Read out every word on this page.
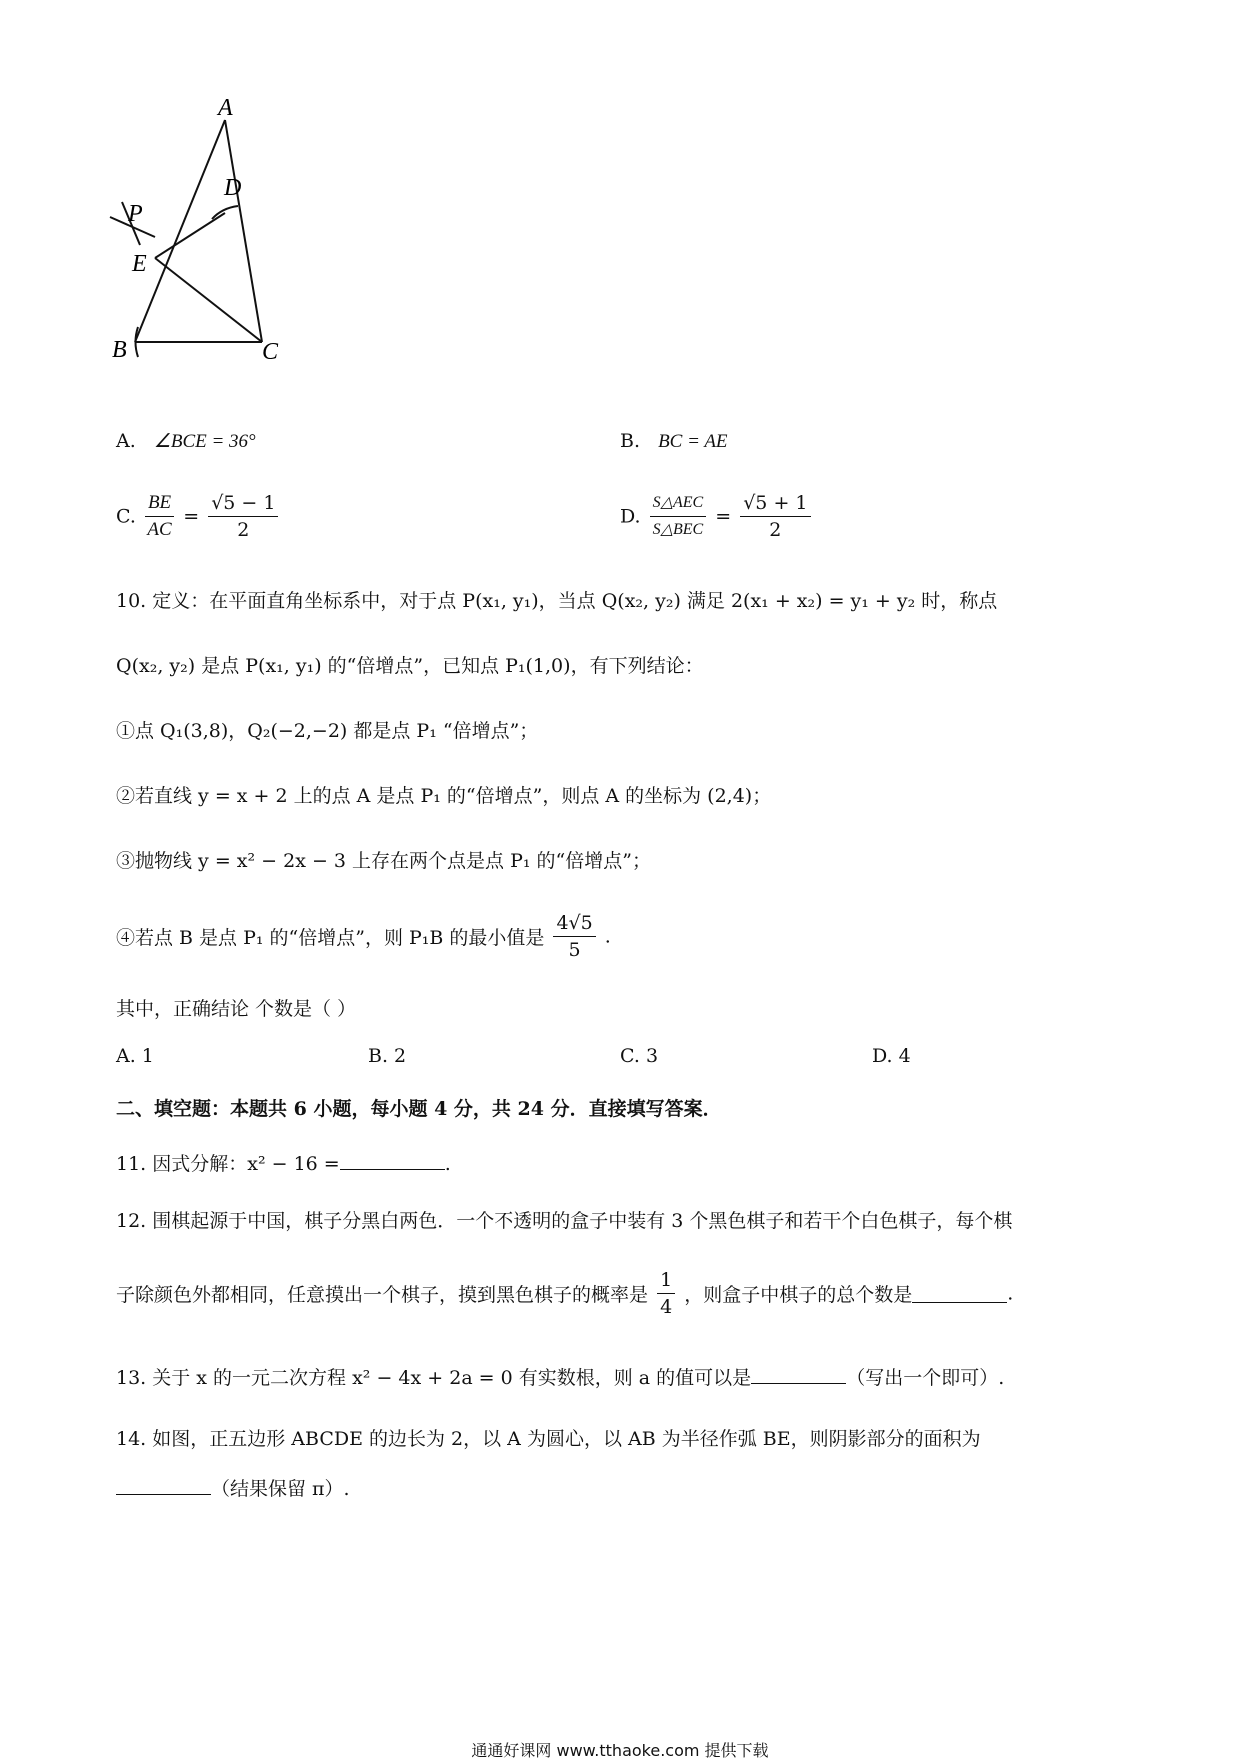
A
D
P
E
B	C
A. ∠BCE = 36°	B. BC = AE
C. $\frac{BE}{AC} = \frac{√5 - 1}{2}$	D. $\frac{\text{S△AEC}}{\text{S△BEC}} = \frac{√5 + 1}{2}$
10. 定义：在平面直角坐标系中，对于点 P(x₁, y₁)，当点 Q(x₂, y₂) 满足 2(x₁ + x₂) = y₁ + y₂ 时，称点
Q(x₂, y₂) 是点 P(x₁, y₁) 的“倍增点”，已知点 P₁(1,0)，有下列结论：
①点 Q₁(3,8)，Q₂(−2,−2) 都是点 P₁ “倍增点”；
②若直线 y = x + 2 上的点 A 是点 P₁ 的“倍增点”，则点 A 的坐标为 (2,4)；
③抛物线 y = x² − 2x − 3 上存在两个点是点 P₁ 的“倍增点”；
④若点 B 是点 P₁ 的“倍增点”，则 P₁B 的最小值是 $\frac{4√5}{5}$ .
其中，正确结论 个数是（ ）
A. 1	B. 2	C. 3	D. 4
二、填空题：本题共 6 小题，每小题 4 分，共 24 分．直接填写答案．
11. 因式分解：x² − 16 =	.
12. 围棋起源于中国，棋子分黑白两色．一个不透明的盒子中装有 3 个黑色棋子和若干个白色棋子，每个棋
子除颜色外都相同，任意摸出一个棋子，摸到黑色棋子的概率是 $\frac{1}{4}$ ，则盒子中棋子的总个数是	.
13. 关于 x 的一元二次方程 x² − 4x + 2a = 0 有实数根，则 a 的值可以是	（写出一个即可）.
14. 如图，正五边形 ABCDE 的边长为 2，以 A 为圆心，以 AB 为半径作弧 BE，则阴影部分的面积为
（结果保留 π）.
通通好课网 www.tthaoke.com 提供下载
